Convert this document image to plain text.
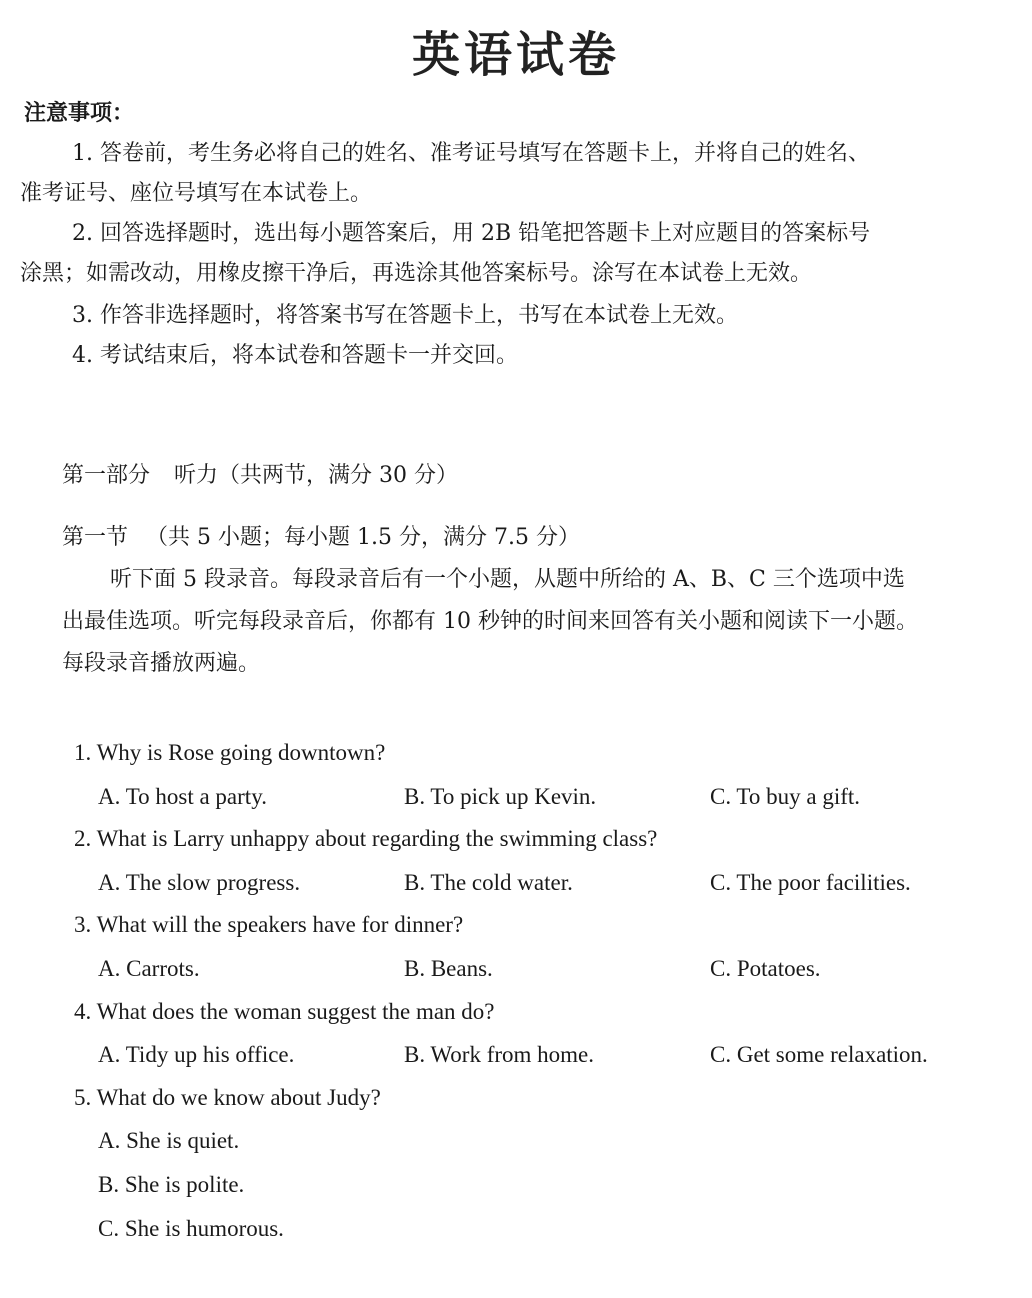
英语试卷
注意事项：
1. 答卷前，考生务必将自己的姓名、准考证号填写在答题卡上，并将自己的姓名、
准考证号、座位号填写在本试卷上。
2. 回答选择题时，选出每小题答案后，用 2B 铅笔把答题卡上对应题目的答案标号
涂黑；如需改动，用橡皮擦干净后，再选涂其他答案标号。涂写在本试卷上无效。
3. 作答非选择题时，将答案书写在答题卡上，书写在本试卷上无效。
4. 考试结束后，将本试卷和答题卡一并交回。
第一部分 听力（共两节，满分 30 分）
第一节 （共 5 小题；每小题 1.5 分，满分 7.5 分）
听下面 5 段录音。每段录音后有一个小题，从题中所给的 A、B、C 三个选项中选
出最佳选项。听完每段录音后，你都有 10 秒钟的时间来回答有关小题和阅读下一小题。
每段录音播放两遍。
1. Why is Rose going downtown?
A. To host a party.	B. To pick up Kevin.	C. To buy a gift.
2. What is Larry unhappy about regarding the swimming class?
A. The slow progress.	B. The cold water.	C. The poor facilities.
3. What will the speakers have for dinner?
A. Carrots.	B. Beans.	C. Potatoes.
4. What does the woman suggest the man do?
A. Tidy up his office.	B. Work from home.	C. Get some relaxation.
5. What do we know about Judy?
A. She is quiet.
B. She is polite.
C. She is humorous.
